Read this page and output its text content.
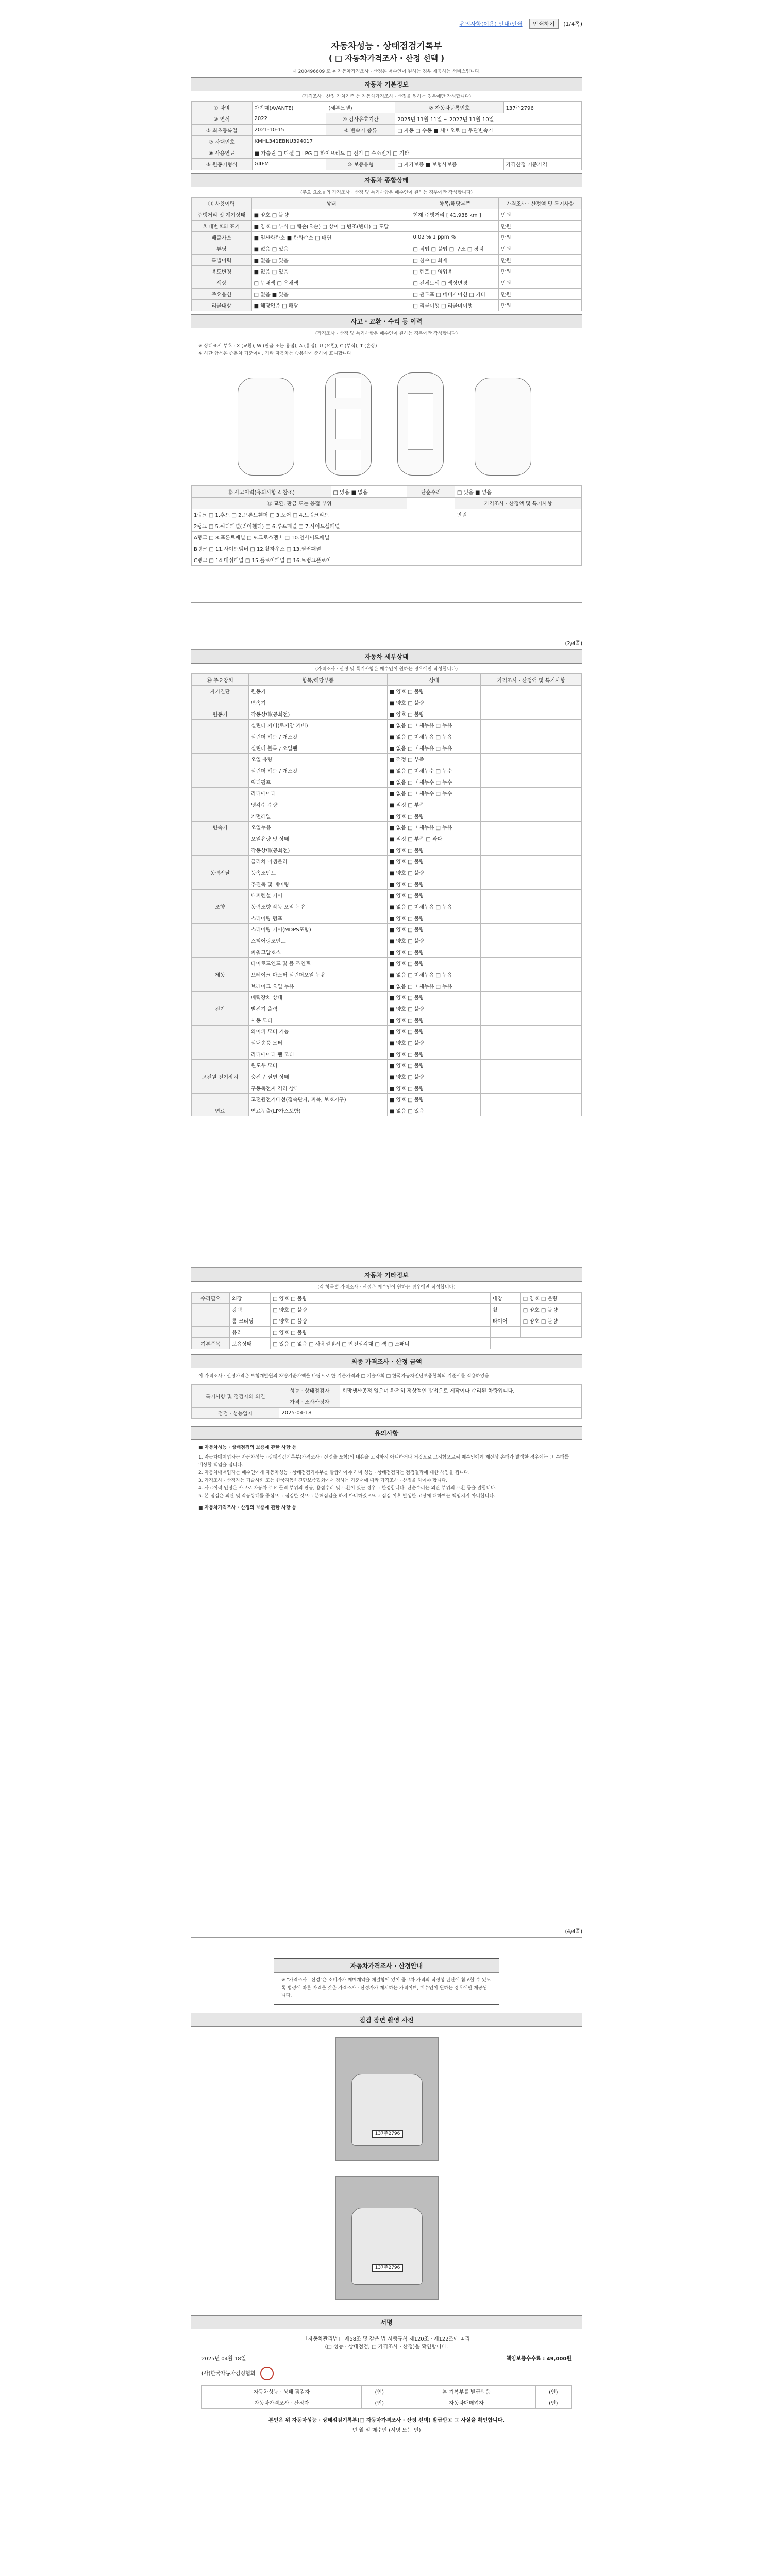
유의사항(이용) 안내/인쇄 인쇄하기 (1/4쪽)
자동차성능 · 상태점검기록부
( □ 자동차가격조사 · 산정 선택 )
제 200496609 호 ※ 자동차가격조사 · 산정은 매수인이 원하는 경우 제공하는 서비스입니다.
자동차 기본정보
(가격조사 · 산정 가치기준 등 자동차가격조사 · 산정을 원하는 경우에만 작성합니다)
① 차명	아반떼(AVANTE)	(세부모델)	② 자동차등록번호	137주2796
③ 연식	2022	④ 검사유효기간	2025년 11월 11일 ~ 2027년 11월 10일	
⑤ 최초등록일	2021-10-15	⑥ 변속기 종류	□ 자동 □ 수동 ■ 세미오토 □ 무단변속기	
⑦ 차대번호	KMHL341EBNU394017			
⑧ 사용연료	■ 가솔린 □ 디젤 □ LPG □ 하이브리드 □ 전기 □ 수소전기 □ 기타			
⑨ 원동기형식	G4FM	⑩ 보증유형	□ 자가보증 ■ 보험사보증	가격산정 기준가격
자동차 종합상태
(주요 요소들의 가격조사 · 산정 및 특기사항은 매수인이 원하는 경우에만 작성합니다)
⑪ 사용이력	상태	항목/해당부품	가격조사 · 산정액 및 특기사항
주행거리 및 계기상태	■ 양호 □ 불량	현재 주행거리 [ 41,938 km ]	만원
차대번호의 표기	■ 양호 □ 부식 □ 훼손(오손) □ 상이 □ 변조(변타) □ 도말		만원
배출가스	■ 일산화탄소 ■ 탄화수소 □ 매연	0.02 % 1 ppm %	만원
튜닝	■ 없음 □ 있음	□ 적법 □ 불법 □ 구조 □ 장치	만원
특별이력	■ 없음 □ 있음	□ 침수 □ 화재	만원
용도변경	■ 없음 □ 있음	□ 렌트 □ 영업용	만원
색상	□ 무채색 □ 유채색	□ 전체도색 □ 색상변경	만원
주요옵션	□ 없음 ■ 있음	□ 썬루프 □ 네비게이션 □ 기타	만원
리콜대상	■ 해당없음 □ 해당	□ 리콜이행 □ 리콜미이행	만원
사고 · 교환 · 수리 등 이력
(가격조사 · 산정 및 특기사항은 매수인이 원하는 경우에만 작성합니다)
※ 상태표시 부호 : X (교환), W (판금 또는 용접), A (흠집), U (요철), C (부식), T (손상)
※ 하단 항목은 승용차 기준이며, 기타 자동차는 승용차에 준하여 표시합니다
⑫ 사고이력(유의사항 4 참조)	□ 있음 ■ 없음	단순수리	□ 있음 ■ 없음
⑬ 교환, 판금 또는 용접 부위			가격조사 · 산정액 및 특기사항
1랭크 □ 1.후드 □ 2.프론트휀더 □ 3.도어 □ 4.트렁크리드			만원
2랭크 □ 5.쿼터패널(리어휀더) □ 6.루프패널 □ 7.사이드실패널			
A랭크 □ 8.프론트패널 □ 9.크로스멤버 □ 10.인사이드패널			
B랭크 □ 11.사이드멤버 □ 12.휠하우스 □ 13.필러패널			
C랭크 □ 14.대쉬패널 □ 15.플로어패널 □ 16.트렁크플로어			
(2/4쪽)
자동차 세부상태
(가격조사 · 산정 및 특기사항은 매수인이 원하는 경우에만 작성합니다)
⑭ 주요장치	항목/해당부품	상태	가격조사 · 산정액 및 특기사항
자기진단	원동기	■ 양호 □ 불량	
	변속기	■ 양호 □ 불량	
원동기	작동상태(공회전)	■ 양호 □ 불량	
	실린더 커버(로커암 커버)	■ 없음 □ 미세누유 □ 누유	
	실린더 헤드 / 개스킷	■ 없음 □ 미세누유 □ 누유	
	실린더 블록 / 오일팬	■ 없음 □ 미세누유 □ 누유	
	오일 유량	■ 적정 □ 부족	
	실린더 헤드 / 개스킷	■ 없음 □ 미세누수 □ 누수	
	워터펌프	■ 없음 □ 미세누수 □ 누수	
	라디에이터	■ 없음 □ 미세누수 □ 누수	
	냉각수 수량	■ 적정 □ 부족	
	커먼레일	■ 양호 □ 불량	
변속기	오일누유	■ 없음 □ 미세누유 □ 누유	
	오일유량 및 상태	■ 적정 □ 부족 □ 과다	
	작동상태(공회전)	■ 양호 □ 불량	
	클러치 어셈블리	■ 양호 □ 불량	
동력전달	등속조인트	■ 양호 □ 불량	
	추진축 및 베어링	■ 양호 □ 불량	
	디퍼렌셜 기어	■ 양호 □ 불량	
조향	동력조향 작동 오일 누유	■ 없음 □ 미세누유 □ 누유	
	스티어링 펌프	■ 양호 □ 불량	
	스티어링 기어(MDPS포함)	■ 양호 □ 불량	
	스티어링조인트	■ 양호 □ 불량	
	파워고압호스	■ 양호 □ 불량	
	타이로드엔드 및 볼 조인트	■ 양호 □ 불량	
제동	브레이크 마스터 실린더오일 누유	■ 없음 □ 미세누유 □ 누유	
	브레이크 오일 누유	■ 없음 □ 미세누유 □ 누유	
	배력장치 상태	■ 양호 □ 불량	
전기	발전기 출력	■ 양호 □ 불량	
	시동 모터	■ 양호 □ 불량	
	와이퍼 모터 기능	■ 양호 □ 불량	
	실내송풍 모터	■ 양호 □ 불량	
	라디에이터 팬 모터	■ 양호 □ 불량	
	윈도우 모터	■ 양호 □ 불량	
고전원 전기장치	충전구 절연 상태	■ 양호 □ 불량	
	구동축전지 격리 상태	■ 양호 □ 불량	
	고전원전기배선(접속단자, 피복, 보호기구)	■ 양호 □ 불량	
연료	연료누출(LP가스포함)	■ 없음 □ 있음	
자동차 기타정보
(각 항목별 가격조사 · 산정은 매수인이 원하는 경우에만 작성합니다)
수리필요	외장	□ 양호 □ 불량	내장	□ 양호 □ 불량
	광택	□ 양호 □ 불량	휠	□ 양호 □ 불량
	룸 크리닝	□ 양호 □ 불량	타이어	□ 양호 □ 불량
	유리	□ 양호 □ 불량		
기본품목	보유상태	□ 있음 □ 없음 □ 사용설명서 □ 안전삼각대 □ 잭 □ 스패너		
최종 가격조사 · 산정 금액
이 가격조사 · 산정가격은 보험개발원의 차량기준가액을 바탕으로 한 기준가격과 □ 기술사회 □ 한국자동차진단보증협회의 기준서를 적용하였음
특기사항 및 점검자의 의견	성능 · 상태점검자	희망생산공정 없으며 완전히 정상적인 방법으로 제작이나 수리된 차량입니다.
	가격 · 조사산정자	
점검 · 성능일자	2025-04-18	
유의사항
■ 자동차성능 · 상태점검의 보증에 관한 사항 등
1. 자동차매매업자는 자동차성능 · 상태점검기록부(가격조사 · 산정을 포함)의 내용을 고지하지 아니하거나 거짓으로 고지함으로써 매수인에게 재산상 손해가 발생한 경우에는 그 손해를 배상할 책임을 집니다.
2. 자동차매매업자는 매수인에게 자동차성능 · 상태점검기록부를 발급하여야 하며 성능 · 상태점검자는 점검결과에 대한 책임을 집니다.
3. 가격조사 · 산정자는 기술사회 또는 한국자동차진단보증협회에서 정하는 기준서에 따라 가격조사 · 산정을 하여야 합니다.
4. 사고이력 인정은 사고로 자동차 주요 골격 부위의 판금, 용접수리 및 교환이 있는 경우로 한정합니다. 단순수리는 외판 부위의 교환 등을 말합니다.
5. 본 점검은 외관 및 작동상태를 중심으로 점검한 것으로 분해점검을 하지 아니하였으므로 점검 이후 발생한 고장에 대하여는 책임지지 아니합니다.
■ 자동차가격조사 · 산정의 보증에 관한 사항 등
(4/4쪽)
자동차가격조사 · 산정안내
※ "가격조사 · 산정"은 소비자가 매매계약을 체결함에 있어 중고차 가격의 적정성 판단에 참고할 수 있도록 법령에 따른 자격을 갖춘 가격조사 · 산정자가 제시하는 가격이며, 매수인이 원하는 경우에만 제공됩니다.
점검 장면 촬영 사진
137주2796
137주2796
서명
「자동차관리법」 제58조 및 같은 법 시행규칙 제120조 · 제122조에 따라
(□ 성능 · 상태점검, □ 가격조사 · 산정)을 확인합니다.
2025년 04월 18일	책임보증수수료 : 49,000원
(사)한국자동차검정협회
자동차성능 · 상태 점검자	(인)	본 기록부를 발급받음	(인)
자동차가격조사 · 산정자	(인)	자동차매매업자	(인)
본인은 위 자동차성능 · 상태점검기록부(□ 자동차가격조사 · 산정 선택) 발급받고 그 사실을 확인합니다.
년 월 일 매수인 (서명 또는 인)
